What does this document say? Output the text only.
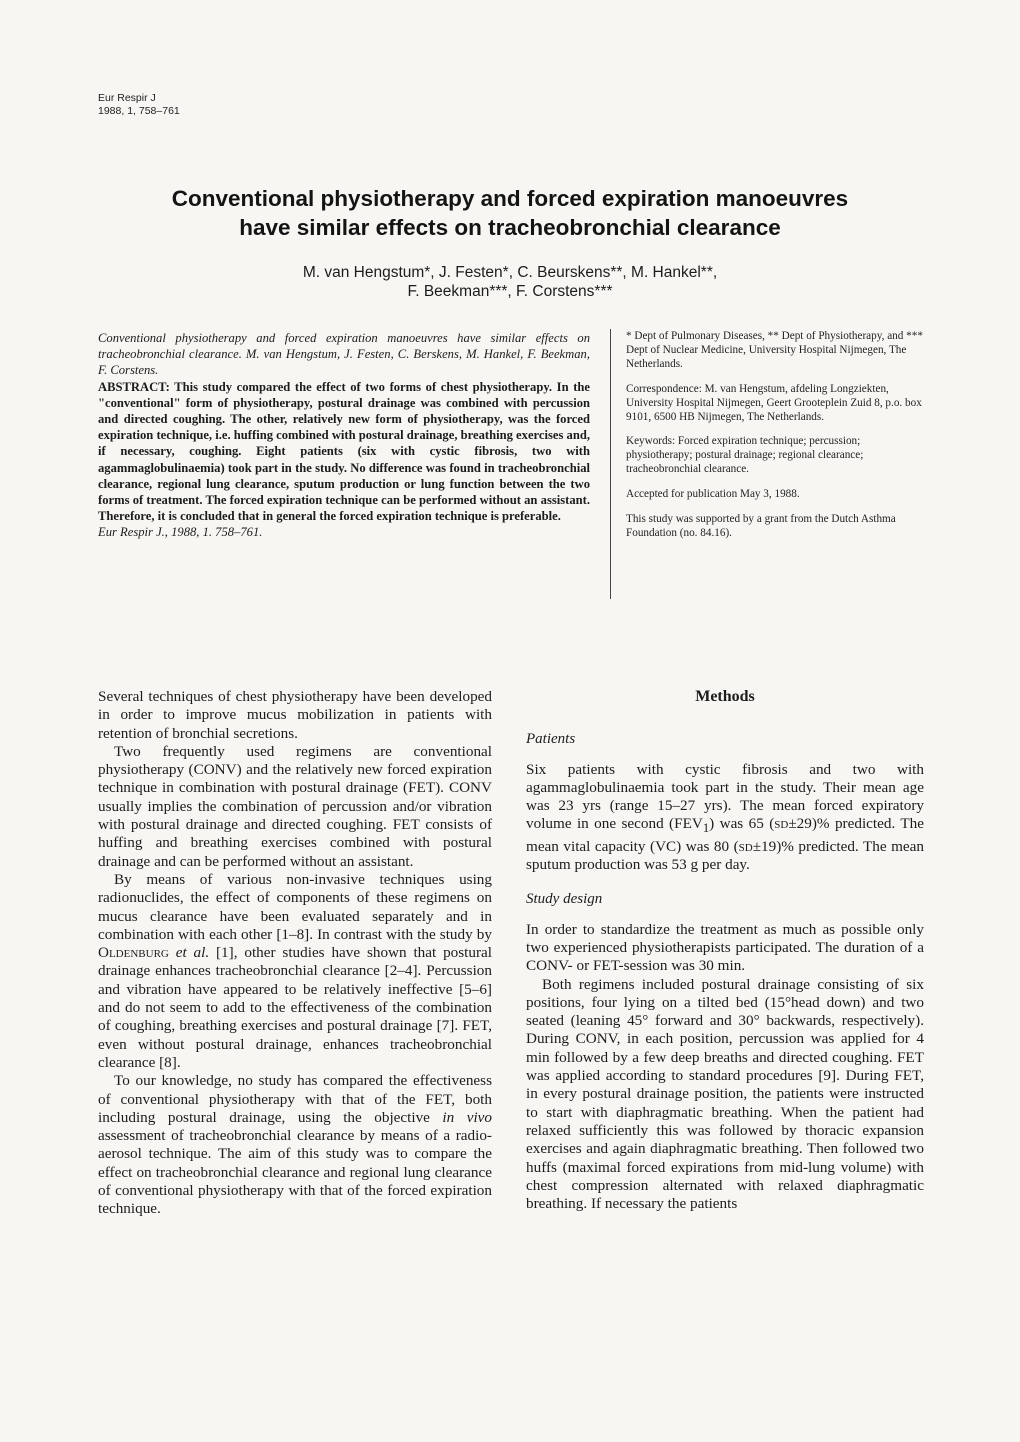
Eur Respir J
1988, 1, 758–761
Conventional physiotherapy and forced expiration manoeuvres
have similar effects on tracheobronchial clearance
M. van Hengstum*, J. Festen*, C. Beurskens**, M. Hankel**,
F. Beekman***, F. Corstens***

Conventional physiotherapy and forced expiration manoeuvres have similar effects on tracheobronchial clearance. M. van Hengstum, J. Festen, C. Berskens, M. Hankel, F. Beekman, F. Corstens.

ABSTRACT: This study compared the effect of two forms of chest physiotherapy. In the "conventional" form of physiotherapy, postural drainage was combined with percussion and directed coughing. The other, relatively new form of physiotherapy, was the forced expiration technique, i.e. huffing combined with postural drainage, breathing exercises and, if necessary, coughing. Eight patients (six with cystic fibrosis, two with agammaglobulinaemia) took part in the study. No difference was found in tracheobronchial clearance, regional lung clearance, sputum production or lung function between the two forms of treatment. The forced expiration technique can be performed without an assistant. Therefore, it is concluded that in general the forced expiration technique is preferable.

Eur Respir J., 1988, 1. 758–761.

* Dept of Pulmonary Diseases, ** Dept of Physiotherapy, and *** Dept of Nuclear Medicine, University Hospital Nijmegen, The Netherlands.

Correspondence: M. van Hengstum, afdeling Longziekten, University Hospital Nijmegen, Geert Grooteplein Zuid 8, p.o. box 9101, 6500 HB Nijmegen, The Netherlands.

Keywords: Forced expiration technique; percussion; physiotherapy; postural drainage; regional clearance; tracheobronchial clearance.

Accepted for publication May 3, 1988.

This study was supported by a grant from the Dutch Asthma Foundation (no. 84.16).

Several techniques of chest physiotherapy have been developed in order to improve mucus mobilization in patients with retention of bronchial secretions.

Two frequently used regimens are conventional physiotherapy (CONV) and the relatively new forced expiration technique in combination with postural drainage (FET). CONV usually implies the combination of percussion and/or vibration with postural drainage and directed coughing. FET consists of huffing and breathing exercises combined with postural drainage and can be performed without an assistant.

By means of various non-invasive techniques using radionuclides, the effect of components of these regimens on mucus clearance have been evaluated separately and in combination with each other [1–8]. In contrast with the study by Oldenburg et al. [1], other studies have shown that postural drainage enhances tracheobronchial clearance [2–4]. Percussion and vibration have appeared to be relatively ineffective [5–6] and do not seem to add to the effectiveness of the combination of coughing, breathing exercises and postural drainage [7]. FET, even without postural drainage, enhances tracheobronchial clearance [8].

To our knowledge, no study has compared the effectiveness of conventional physiotherapy with that of the FET, both including postural drainage, using the objective in vivo assessment of tracheobronchial clearance by means of a radio-aerosol technique. The aim of this study was to compare the effect on tracheobronchial clearance and regional lung clearance of conventional physiotherapy with that of the forced expiration technique.

Methods
Patients

Six patients with cystic fibrosis and two with agammaglobulinaemia took part in the study. Their mean age was 23 yrs (range 15–27 yrs). The mean forced expiratory volume in one second $(FEV_1)$ was 65 (sd±29)% predicted. The mean vital capacity (VC) was 80 (sd±19)% predicted. The mean sputum production was 53 g per day.

Study design

In order to standardize the treatment as much as possible only two experienced physiotherapists participated. The duration of a CONV- or FET-session was 30 min.

Both regimens included postural drainage consisting of six positions, four lying on a tilted bed (15°head down) and two seated (leaning 45° forward and 30° backwards, respectively). During CONV, in each position, percussion was applied for 4 min followed by a few deep breaths and directed coughing. FET was applied according to standard procedures [9]. During FET, in every postural drainage position, the patients were instructed to start with diaphragmatic breathing. When the patient had relaxed sufficiently this was followed by thoracic expansion exercises and again diaphragmatic breathing. Then followed two huffs (maximal forced expirations from mid-lung volume) with chest compression alternated with relaxed diaphragmatic breathing. If necessary the patients
